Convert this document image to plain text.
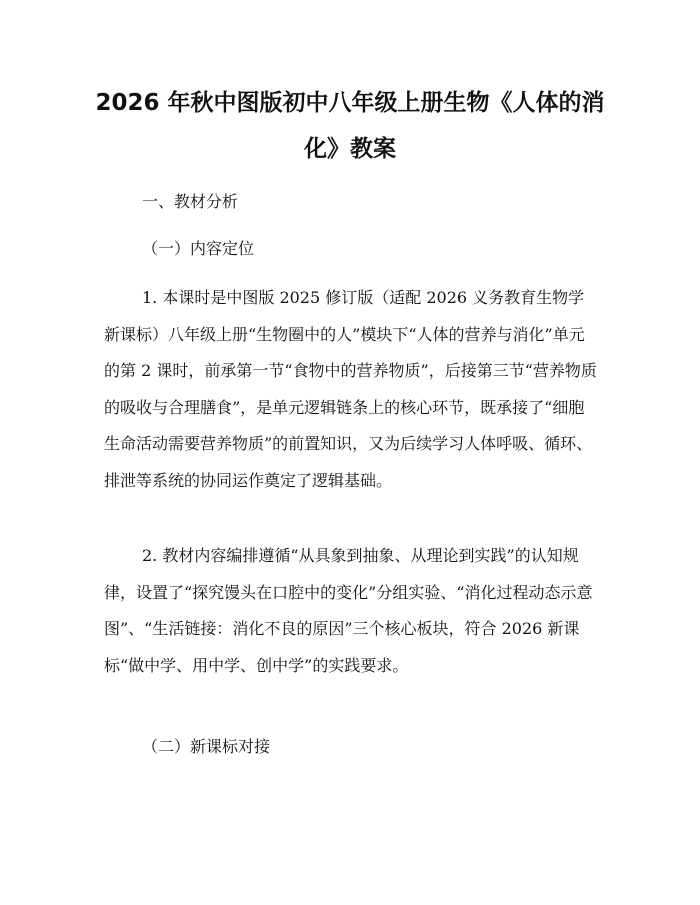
2026 年秋中图版初中八年级上册生物《人体的消化》教案

一、教材分析

（一）内容定位

1. 本课时是中图版 2025 修订版（适配 2026 义务教育生物学新课标）八年级上册“生物圈中的人”模块下“人体的营养与消化”单元的第 2 课时，前承第一节“食物中的营养物质”，后接第三节“营养物质的吸收与合理膳食”，是单元逻辑链条上的核心环节，既承接了“细胞生命活动需要营养物质”的前置知识，又为后续学习人体呼吸、循环、排泄等系统的协同运作奠定了逻辑基础。

2. 教材内容编排遵循“从具象到抽象、从理论到实践”的认知规律，设置了“探究馒头在口腔中的变化”分组实验、“消化过程动态示意图”、“生活链接：消化不良的原因”三个核心板块，符合 2026 新课标“做中学、用中学、创中学”的实践要求。

（二）新课标对接
